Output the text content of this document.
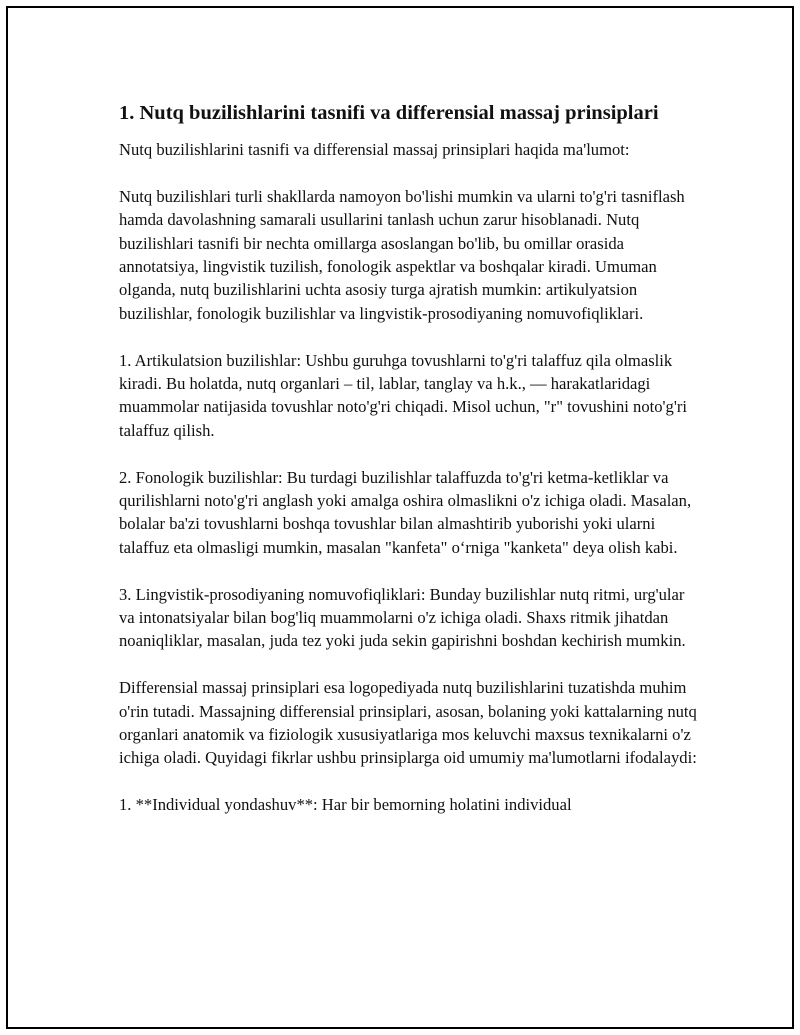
1. Nutq buzilishlarini tasnifi va differensial massaj prinsiplari

Nutq buzilishlarini tasnifi va differensial massaj prinsiplari haqida ma'lumot:

Nutq buzilishlari turli shakllarda namoyon bo'lishi mumkin va ularni to'g'ri tasniflash hamda davolashning samarali usullarini tanlash uchun zarur hisoblanadi. Nutq buzilishlari tasnifi bir nechta omillarga asoslangan bo'lib, bu omillar orasida annotatsiya, lingvistik tuzilish, fonologik aspektlar va boshqalar kiradi. Umuman olganda, nutq buzilishlarini uchta asosiy turga ajratish mumkin: artikulyatsion buzilishlar, fonologik buzilishlar va lingvistik-prosodiyaning nomuvofiqliklari.

1. Artikulatsion buzilishlar: Ushbu guruhga tovushlarni to'g'ri talaffuz qila olmaslik kiradi. Bu holatda, nutq organlari – til, lablar, tanglay va h.k., — harakatlaridagi muammolar natijasida tovushlar noto'g'ri chiqadi. Misol uchun, "r" tovushini noto'g'ri talaffuz qilish.

2. Fonologik buzilishlar: Bu turdagi buzilishlar talaffuzda to'g'ri ketma-ketliklar va qurilishlarni noto'g'ri anglash yoki amalga oshira olmaslikni o'z ichiga oladi. Masalan, bolalar ba'zi tovushlarni boshqa tovushlar bilan almashtirib yuborishi yoki ularni talaffuz eta olmasligi mumkin, masalan "kanfeta" o‘rniga "kanketa" deya olish kabi.

3. Lingvistik-prosodiyaning nomuvofiqliklari: Bunday buzilishlar nutq ritmi, urg'ular va intonatsiyalar bilan bog'liq muammolarni o'z ichiga oladi. Shaxs ritmik jihatdan noaniqliklar, masalan, juda tez yoki juda sekin gapirishni boshdan kechirish mumkin.

Differensial massaj prinsiplari esa logopediyada nutq buzilishlarini tuzatishda muhim o'rin tutadi. Massajning differensial prinsiplari, asosan, bolaning yoki kattalarning nutq organlari anatomik va fiziologik xususiyatlariga mos keluvchi maxsus texnikalarni o'z ichiga oladi. Quyidagi fikrlar ushbu prinsiplarga oid umumiy ma'lumotlarni ifodalaydi:

1. **Individual yondashuv**: Har bir bemorning holatini individual
